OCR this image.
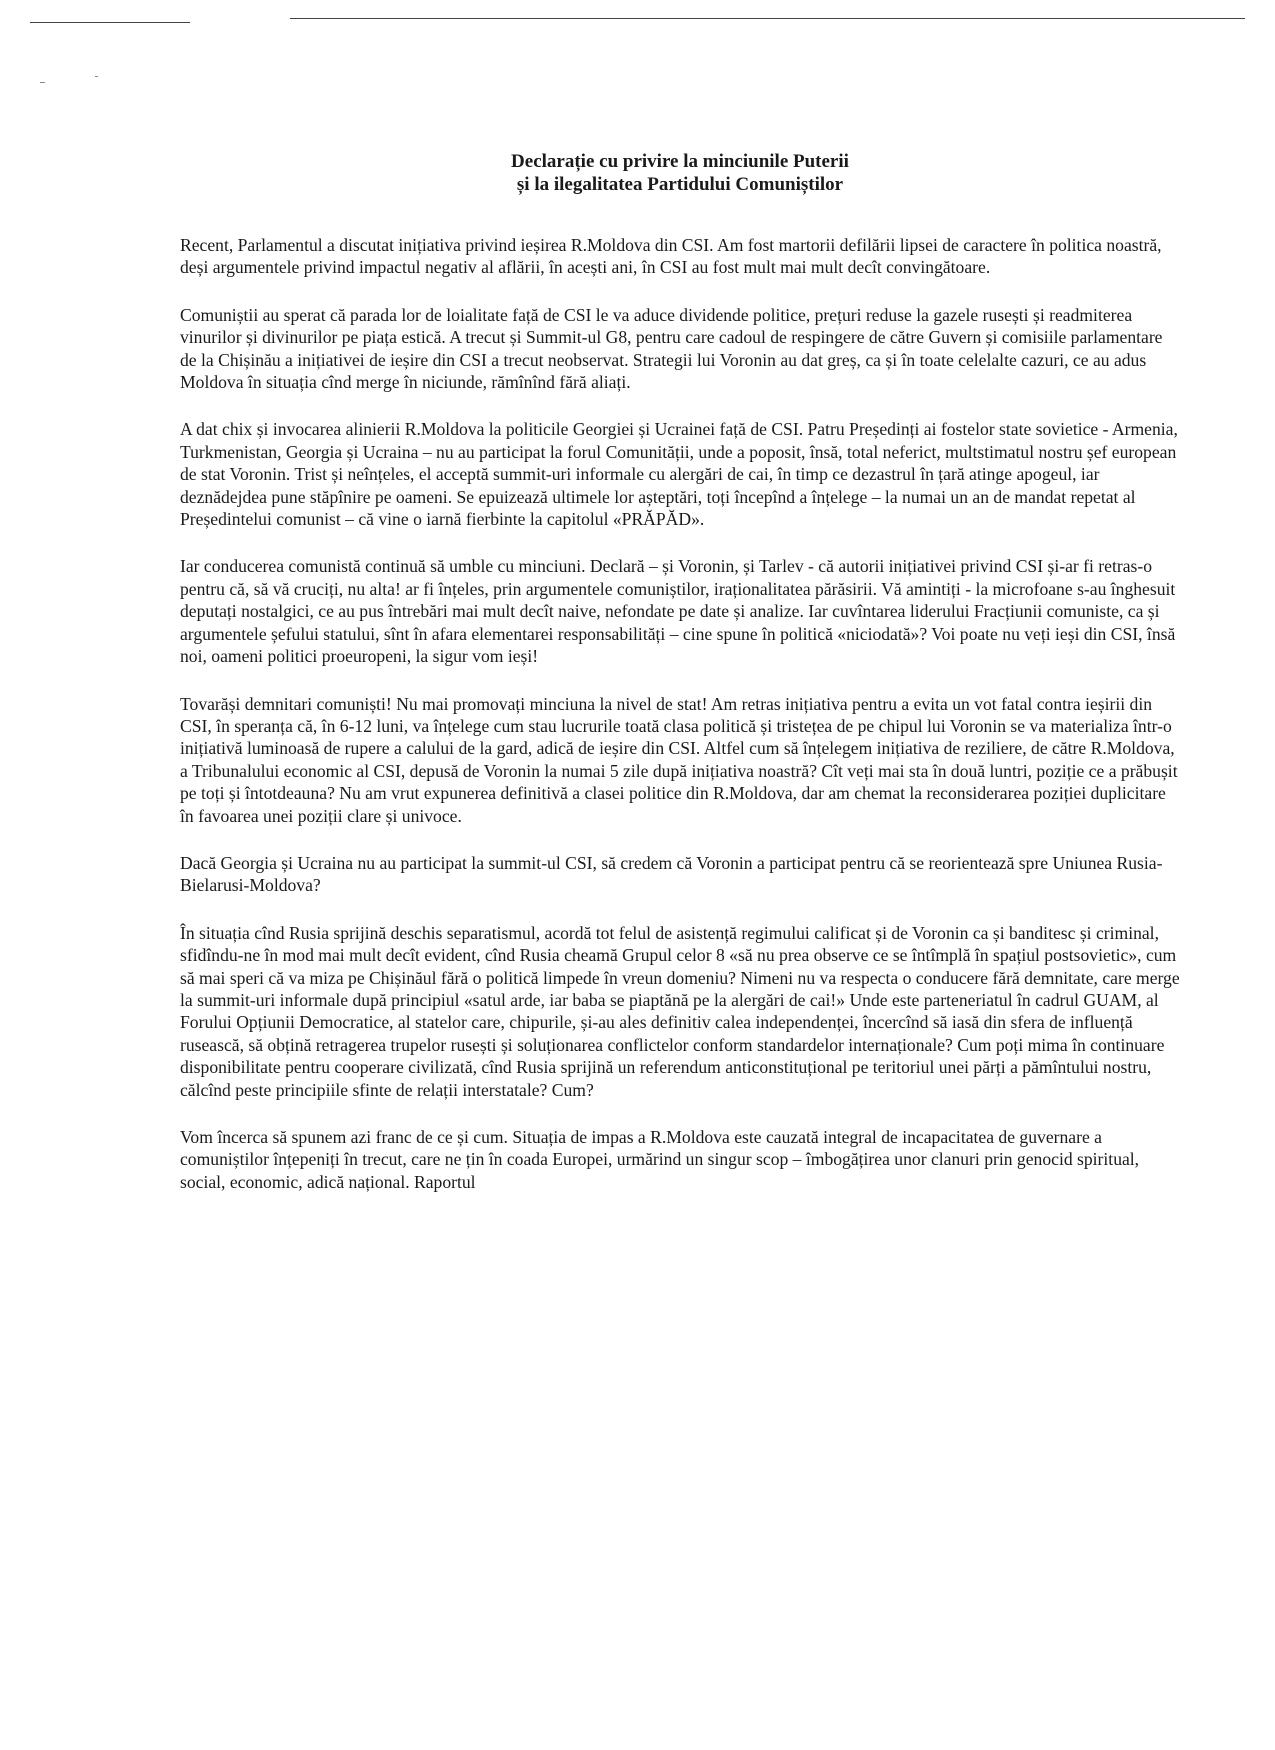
Declarație cu privire la minciunile Puterii
și la ilegalitatea Partidului Comuniștilor

Recent, Parlamentul a discutat inițiativa privind ieșirea R.Moldova din CSI. Am fost martorii defilării lipsei de caractere în politica noastră, deși argumentele privind impactul negativ al aflării, în acești ani, în CSI au fost mult mai mult decît convingătoare.

Comuniștii au sperat că parada lor de loialitate față de CSI le va aduce dividende politice, prețuri reduse la gazele rusești și readmiterea vinurilor și divinurilor pe piața estică. A trecut și Summit-ul G8, pentru care cadoul de respingere de către Guvern și comisiile parlamentare de la Chișinău a inițiativei de ieșire din CSI a trecut neobservat. Strategii lui Voronin au dat greș, ca și în toate celelalte cazuri, ce au adus Moldova în situația cînd merge în niciunde, rămînînd fără aliați.

A dat chix și invocarea alinierii R.Moldova la politicile Georgiei și Ucrainei față de CSI. Patru Președinți ai fostelor state sovietice - Armenia, Turkmenistan, Georgia și Ucraina – nu au participat la forul Comunității, unde a poposit, însă, total neferict, multstimatul nostru șef european de stat Voronin. Trist și neînțeles, el acceptă summit-uri informale cu alergări de cai, în timp ce dezastrul în țară atinge apogeul, iar deznădejdea pune stăpînire pe oameni. Se epuizează ultimele lor așteptări, toți începînd a înțelege – la numai un an de mandat repetat al Președintelui comunist – că vine o iarnă fierbinte la capitolul «PRĂPĂD».

Iar conducerea comunistă continuă să umble cu minciuni. Declară – și Voronin, și Tarlev - că autorii inițiativei privind CSI și-ar fi retras-o pentru că, să vă cruciți, nu alta! ar fi înțeles, prin argumentele comuniștilor, iraționalitatea părăsirii. Vă amintiți - la microfoane s-au înghesuit deputați nostalgici, ce au pus întrebări mai mult decît naive, nefondate pe date și analize. Iar cuvîntarea liderului Fracțiunii comuniste, ca și argumentele șefului statului, sînt în afara elementarei responsabilități – cine spune în politică «niciodată»? Voi poate nu veți ieși din CSI, însă noi, oameni politici proeuropeni, la sigur vom ieși!

Tovarăși demnitari comuniști! Nu mai promovați minciuna la nivel de stat! Am retras inițiativa pentru a evita un vot fatal contra ieșirii din CSI, în speranța că, în 6-12 luni, va înțelege cum stau lucrurile toată clasa politică și tristețea de pe chipul lui Voronin se va materializa într-o inițiativă luminoasă de rupere a calului de la gard, adică de ieșire din CSI. Altfel cum să înțelegem inițiativa de reziliere, de către R.Moldova, a Tribunalului economic al CSI, depusă de Voronin la numai 5 zile după inițiativa noastră? Cît veți mai sta în două luntri, poziție ce a prăbușit pe toți și întotdeauna? Nu am vrut expunerea definitivă a clasei politice din R.Moldova, dar am chemat la reconsiderarea poziției duplicitare în favoarea unei poziții clare și univoce.

Dacă Georgia și Ucraina nu au participat la summit-ul CSI, să credem că Voronin a participat pentru că se reorientează spre Uniunea Rusia-Bielarusi-Moldova?

În situația cînd Rusia sprijină deschis separatismul, acordă tot felul de asistență regimului calificat și de Voronin ca și banditesc și criminal, sfidîndu-ne în mod mai mult decît evident, cînd Rusia cheamă Grupul celor 8 «să nu prea observe ce se întîmplă în spațiul postsovietic», cum să mai speri că va miza pe Chișinăul fără o politică limpede în vreun domeniu? Nimeni nu va respecta o conducere fără demnitate, care merge la summit-uri informale după principiul «satul arde, iar baba se piaptănă pe la alergări de cai!» Unde este parteneriatul în cadrul GUAM, al Forului Opțiunii Democratice, al statelor care, chipurile, și-au ales definitiv calea independenței, încercînd să iasă din sfera de influență rusească, să obțină retragerea trupelor rusești și soluționarea conflictelor conform standardelor internaționale? Cum poți mima în continuare disponibilitate pentru cooperare civilizată, cînd Rusia sprijină un referendum anticonstituțional pe teritoriul unei părți a pămîntului nostru, călcînd peste principiile sfinte de relații interstatale? Cum?

Vom încerca să spunem azi franc de ce și cum. Situația de impas a R.Moldova este cauzată integral de incapacitatea de guvernare a comuniștilor înțepeniți în trecut, care ne țin în coada Europei, urmărind un singur scop – îmbogățirea unor clanuri prin genocid spiritual, social, economic, adică național. Raportul
